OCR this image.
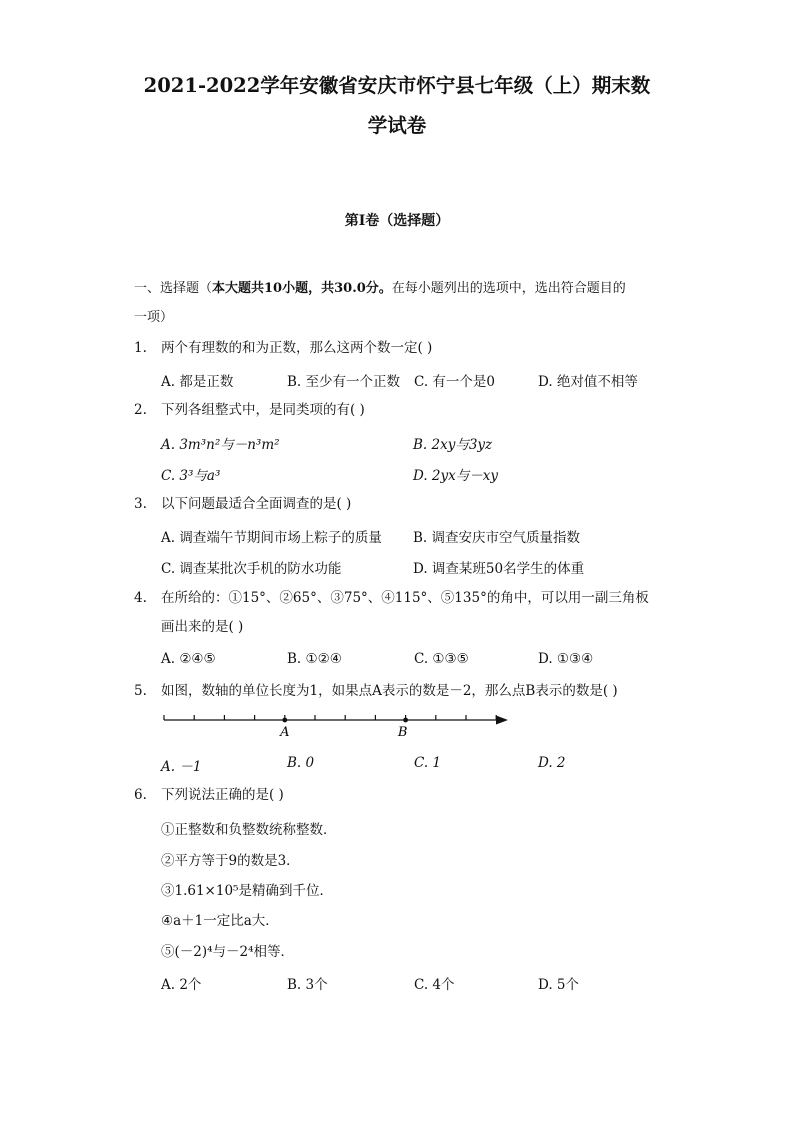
2021-2022学年安徽省安庆市怀宁县七年级（上）期末数
学试卷
第I卷（选择题）
一、选择题（本大题共10小题，共30.0分。在每小题列出的选项中，选出符合题目的
一项）
1. 两个有理数的和为正数，那么这两个数一定( )
A. 都是正数	B. 至少有一个正数 C. 有一个是0	D. 绝对值不相等
2. 下列各组整式中，是同类项的有( )
A. 3m³n²与－n³m²	B. 2xy与3yz
C. 3³与a³	D. 2yx与－xy
3. 以下问题最适合全面调查的是( )
A. 调查端午节期间市场上粽子的质量 B. 调查安庆市空气质量指数
C. 调查某批次手机的防水功能	D. 调查某班50名学生的体重
4. 在所给的：①15°、②65°、③75°、④115°、⑤135°的角中，可以用一副三角板画出来的是( )
A. ②④⑤	B. ①②④	C. ①③⑤	D. ①③④
5. 如图，数轴的单位长度为1，如果点A表示的数是－2，那么点B表示的数是( )
A	B
A. －1	B. 0	C. 1	D. 2
6. 下列说法正确的是( )
①正整数和负整数统称整数．
②平方等于9的数是3．
③1.61×10⁵是精确到千位．
④a＋1一定比a大．
⑤(－2)⁴与－2⁴相等．
A. 2个	B. 3个	C. 4个	D. 5个
